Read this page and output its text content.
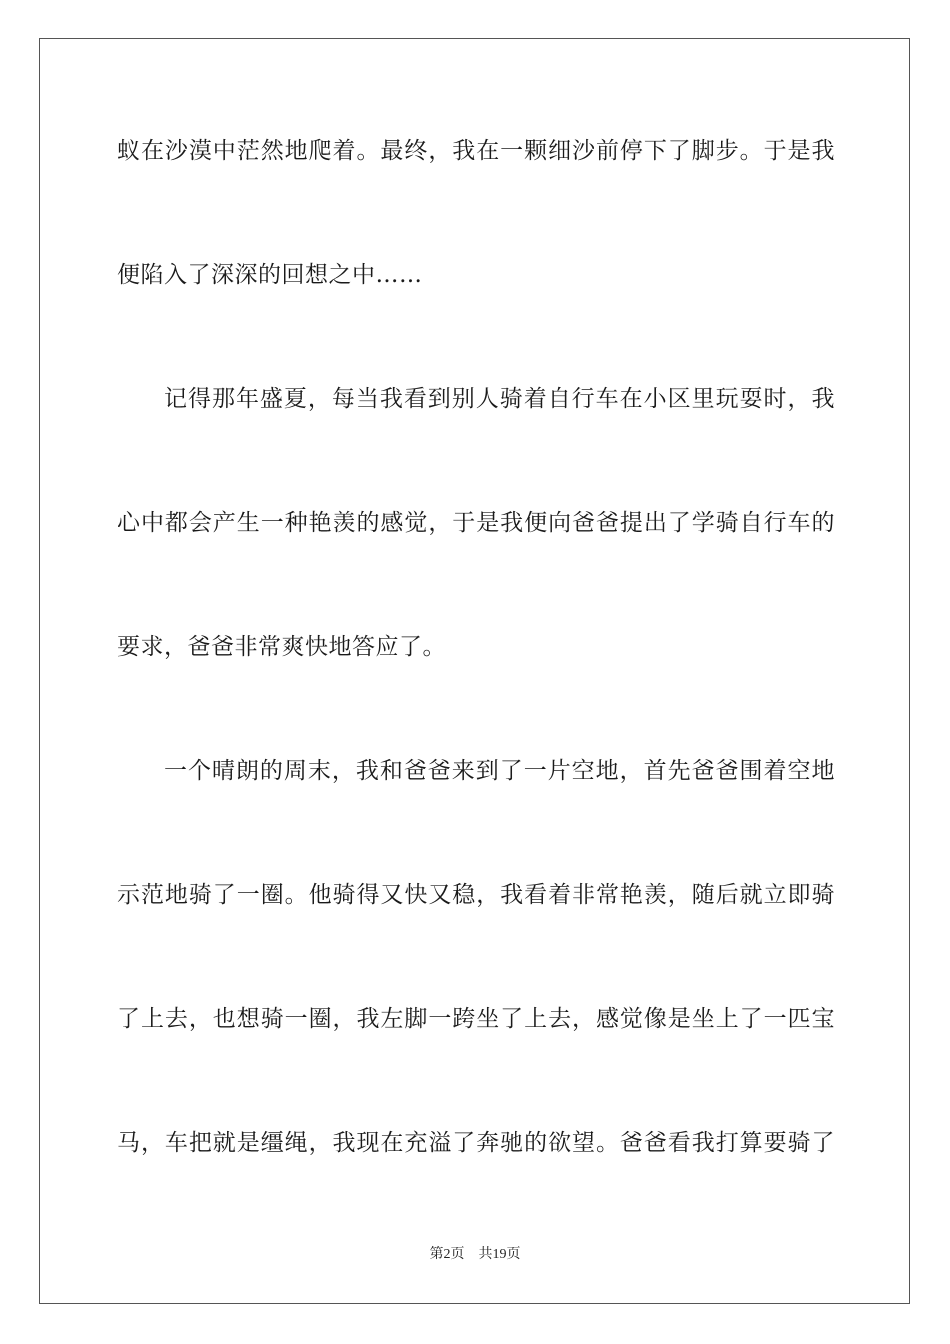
蚁在沙漠中茫然地爬着。最终，我在一颗细沙前停下了脚步。于是我
便陷入了深深的回想之中……
记得那年盛夏，每当我看到别人骑着自行车在小区里玩耍时，我
心中都会产生一种艳羡的感觉，于是我便向爸爸提出了学骑自行车的
要求，爸爸非常爽快地答应了。
一个晴朗的周末，我和爸爸来到了一片空地，首先爸爸围着空地
示范地骑了一圈。他骑得又快又稳，我看着非常艳羡，随后就立即骑
了上去，也想骑一圈，我左脚一跨坐了上去，感觉像是坐上了一匹宝
马，车把就是缰绳，我现在充溢了奔驰的欲望。爸爸看我打算要骑了
第2页 共19页
